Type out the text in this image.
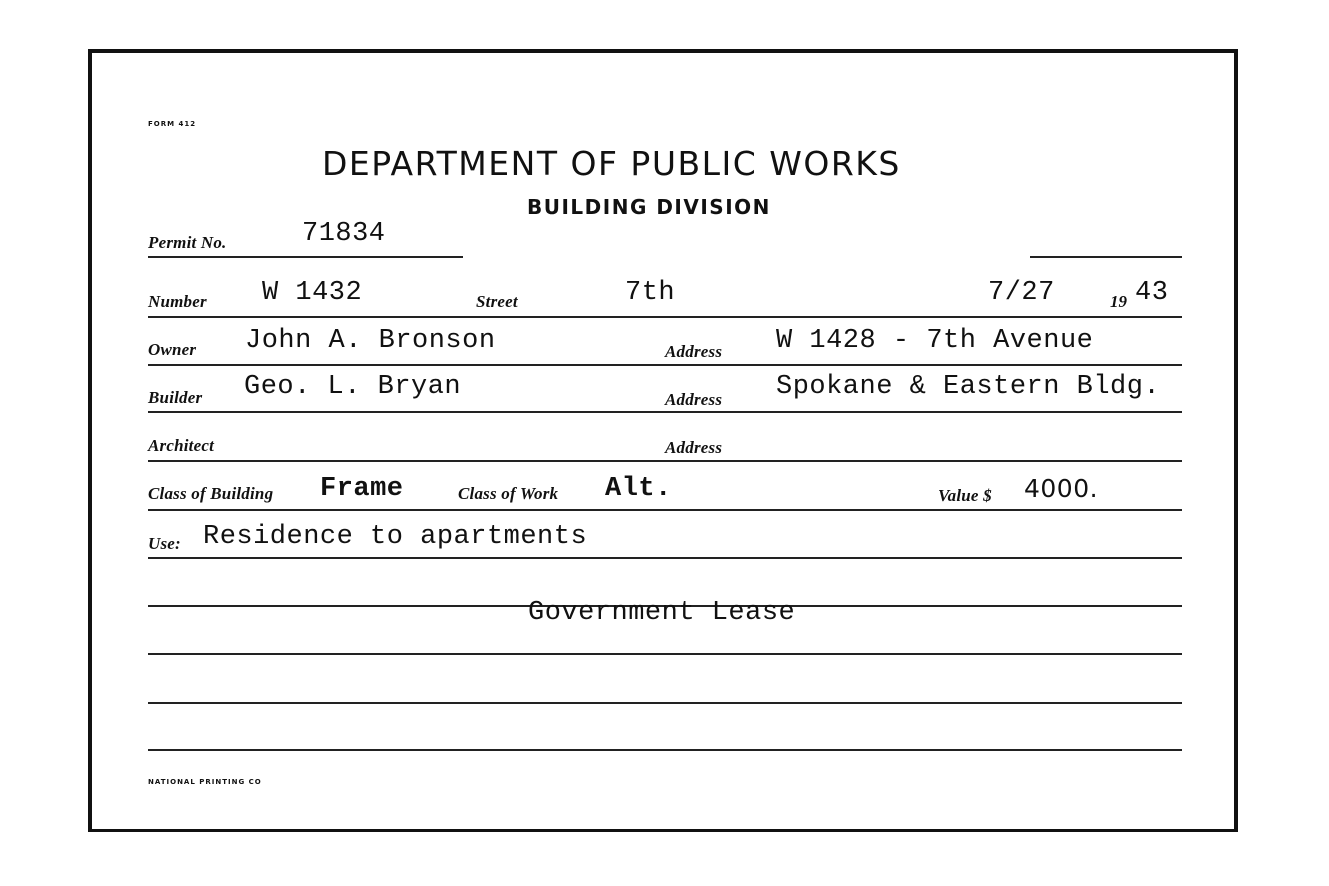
FORM 412
DEPARTMENT OF PUBLIC WORKS
BUILDING DIVISION
Permit No.	71834
Number W 1432	Street	7th	7/27	19 43
Owner John A. Bronson	Address W 1428 - 7th Avenue
Builder Geo. L. Bryan	Address Spokane & Eastern Bldg.
Architect	Address
Class of Building Frame	Class of Work Alt.	Value $ 4000.
Use: Residence to apartments
Government Lease
NATIONAL PRINTING CO
